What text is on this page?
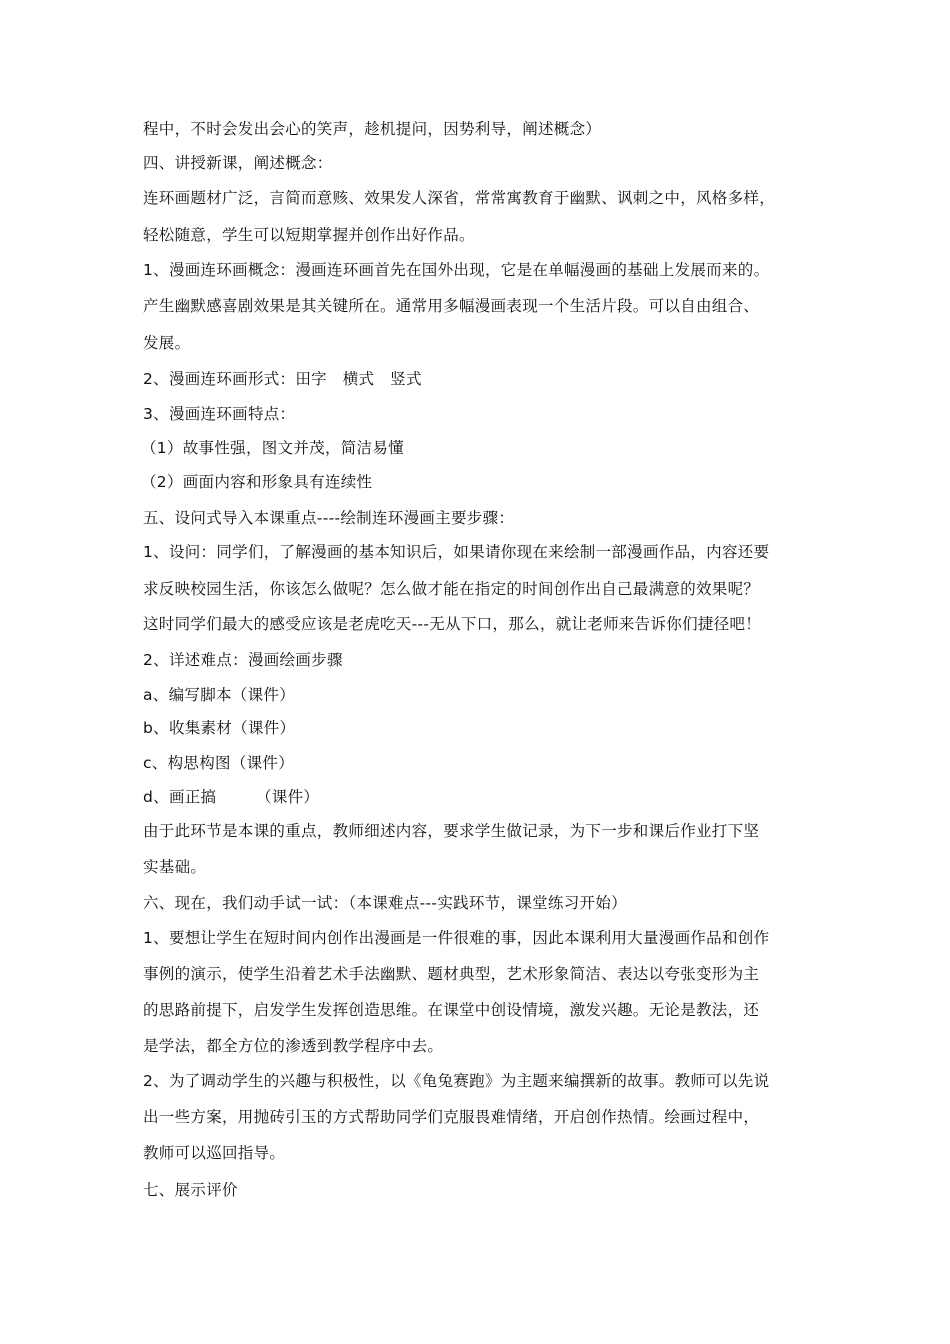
程中，不时会发出会心的笑声，趁机提问，因势利导，阐述概念）
四、讲授新课，阐述概念：
连环画题材广泛，言简而意赅、效果发人深省，常常寓教育于幽默、讽刺之中，风格多样，
轻松随意，学生可以短期掌握并创作出好作品。
1、漫画连环画概念：漫画连环画首先在国外出现，它是在单幅漫画的基础上发展而来的。
产生幽默感喜剧效果是其关键所在。通常用多幅漫画表现一个生活片段。可以自由组合、
发展。
2、漫画连环画形式：田字　横式　竖式
3、漫画连环画特点：
（1）故事性强，图文并茂，简洁易懂
（2）画面内容和形象具有连续性
五、设问式导入本课重点----绘制连环漫画主要步骤：
1、设问：同学们，了解漫画的基本知识后，如果请你现在来绘制一部漫画作品，内容还要
求反映校园生活，你该怎么做呢？怎么做才能在指定的时间创作出自己最满意的效果呢？
这时同学们最大的感受应该是老虎吃天---无从下口，那么，就让老师来告诉你们捷径吧！
2、详述难点：漫画绘画步骤
a、编写脚本（课件）
b、收集素材（课件）
c、构思构图（课件）
d、画正搞　　　（课件）
由于此环节是本课的重点，教师细述内容，要求学生做记录，为下一步和课后作业打下坚
实基础。
六、现在，我们动手试一试：（本课难点---实践环节，课堂练习开始）
1、要想让学生在短时间内创作出漫画是一件很难的事，因此本课利用大量漫画作品和创作
事例的演示，使学生沿着艺术手法幽默、题材典型，艺术形象简洁、表达以夸张变形为主
的思路前提下，启发学生发挥创造思维。在课堂中创设情境，激发兴趣。无论是教法，还
是学法，都全方位的渗透到教学程序中去。
2、为了调动学生的兴趣与积极性，以《龟兔赛跑》为主题来编撰新的故事。教师可以先说
出一些方案，用抛砖引玉的方式帮助同学们克服畏难情绪，开启创作热情。绘画过程中，
教师可以巡回指导。
七、展示评价
